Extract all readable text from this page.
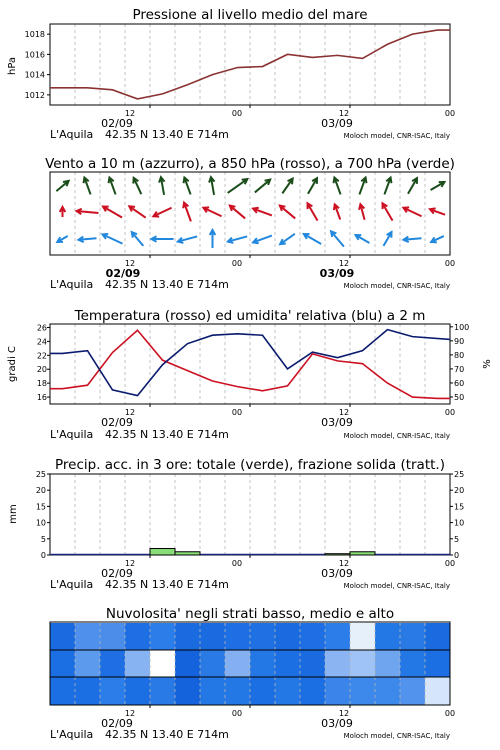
Pressione al livello medio del mare
1012
1014
1016
1018
hPa
12	00	12	00
02/09	03/09
L'Aquila 42.35 N 13.40 E 714m	Moloch model, CNR-ISAC, Italy
Vento a 10 m (azzurro), a 850 hPa (rosso), a 700 hPa (verde)
12	00	12	00
02/09	03/09
L'Aquila 42.35 N 13.40 E 714m	Moloch model, CNR-ISAC, Italy
Temperatura (rosso) ed umidita' relativa (blu) a 2 m
16
18
20
22
24
26
50
60
70
80
90
100
gradi C	%
12	00	12	00
02/09	03/09
L'Aquila 42.35 N 13.40 E 714m	Moloch model, CNR-ISAC, Italy
Precip. acc. in 3 ore: totale (verde), frazione solida (tratt.)
0
5
10
15
20
25
0
5
10
15
20
25
mm
12	00	12	00
02/09	03/09
L'Aquila 42.35 N 13.40 E 714m	Moloch model, CNR-ISAC, Italy
Nuvolosita' negli strati basso, medio e alto
12	00	12	00
02/09	03/09
L'Aquila 42.35 N 13.40 E 714m	Moloch model, CNR-ISAC, Italy
